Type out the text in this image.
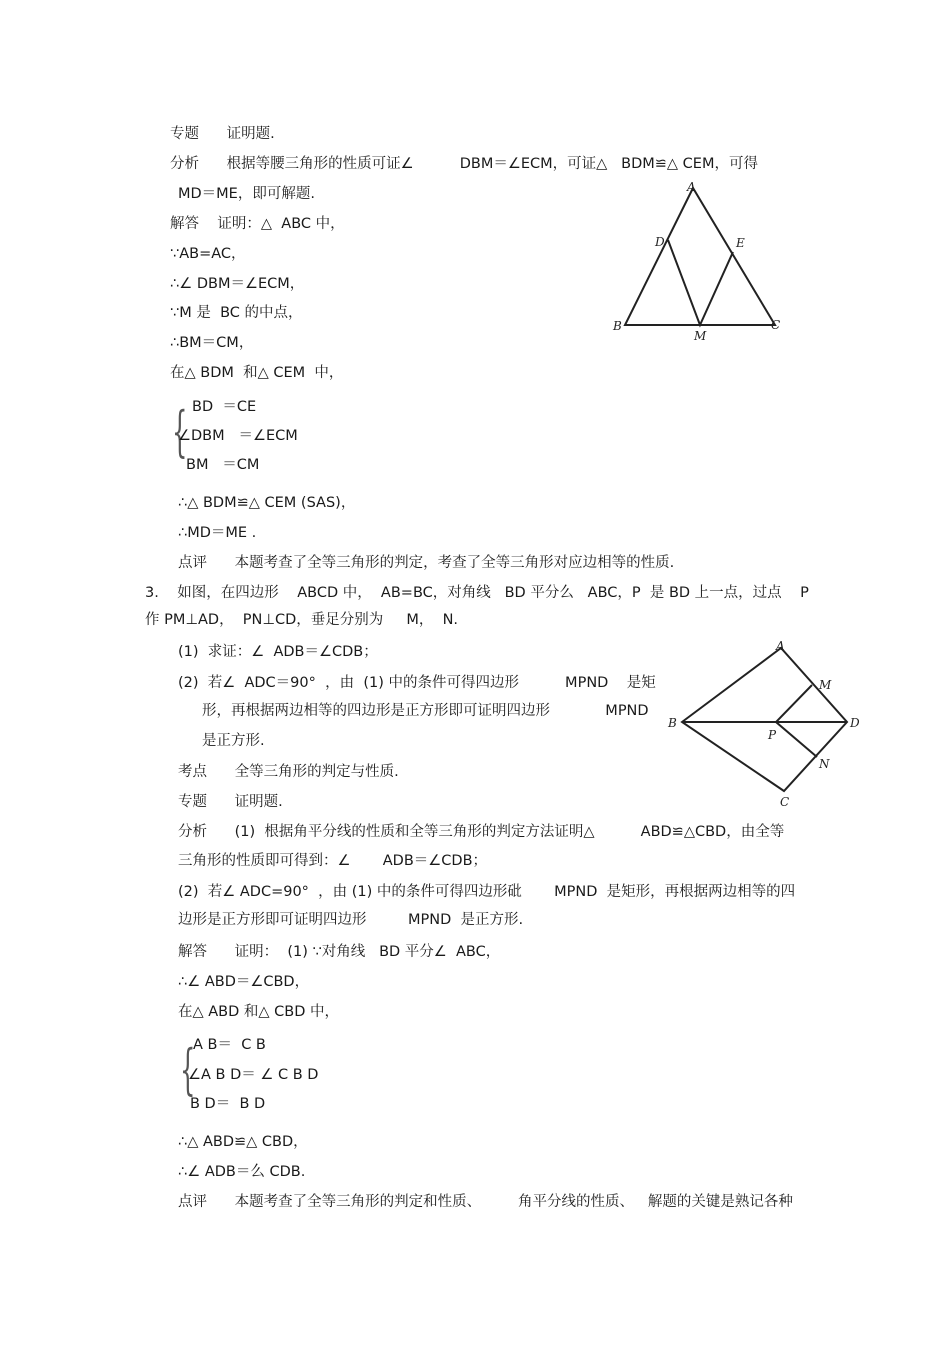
专题      证明题.
分析      根据等腰三角形的性质可证∠          DBM＝∠ECM，可证△   BDM≌△ CEM，可得
MD＝ME，即可解题.
解答    证明：△  ABC 中，
∵AB=AC，
∴∠ DBM＝∠ECM，
∵M 是  BC 的中点，
∴BM＝CM，
在△ BDM  和△ CEM  中，
{ BD  ＝CE
∠DBM   ＝∠ECM
BM   ＝CM
∴△ BDM≌△ CEM (SAS)，
∴MD＝ME .
点评      本题考查了全等三角形的判定，考查了全等三角形对应边相等的性质.
A
D	E
B
M
C
3.    如图，在四边形    ABCD 中，  AB=BC，对角线   BD 平分么   ABC，P  是 BD 上一点，过点    P
作 PM⊥AD，  PN⊥CD，垂足分别为     M，  N.
(1)  求证：∠  ADB＝∠CDB；
(2)  若∠  ADC＝90°  ，由  (1) 中的条件可得四边形          MPND    是矩
形，再根据两边相等的四边形是正方形即可证明四边形            MPND
是正方形.
考点      全等三角形的判定与性质.
专题      证明题.
分析      (1)  根据角平分线的性质和全等三角形的判定方法证明△          ABD≌△CBD，由全等
三角形的性质即可得到：∠       ADB＝∠CDB；
(2)  若∠ ADC=90°  ，由 (1) 中的条件可得四边形砒       MPND  是矩形，再根据两边相等的四
边形是正方形即可证明四边形         MPND  是正方形.
解答      证明：  (1) ∵对角线   BD 平分∠  ABC，
∴∠ ABD＝∠CBD，
在△ ABD 和△ CBD 中，
{
A B＝  C B
∠A B D＝ ∠ C B D
B D＝  B D
∴△ ABD≌△ CBD，
∴∠ ADB＝么 CDB.
点评      本题考查了全等三角形的判定和性质、        角平分线的性质、   解题的关键是熟记各种
A
M
B	D
P
N
C
